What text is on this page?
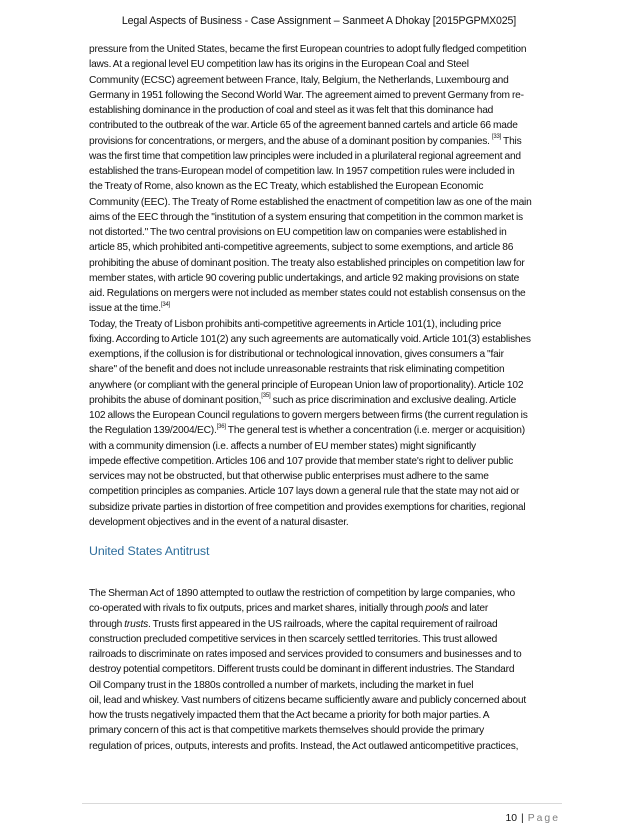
Legal Aspects of Business - Case Assignment – Sanmeet A Dhokay [2015PGPMX025]
pressure from the United States, became the first European countries to adopt fully fledged competition
laws. At a regional level EU competition law has its origins in the European Coal and Steel
Community (ECSC) agreement between France, Italy, Belgium, the Netherlands, Luxembourg and
Germany in 1951 following the Second World War. The agreement aimed to prevent Germany from re-
establishing dominance in the production of coal and steel as it was felt that this dominance had
contributed to the outbreak of the war. Article 65 of the agreement banned cartels and article 66 made
provisions for concentrations, or mergers, and the abuse of a dominant position by companies. [33] This
was the first time that competition law principles were included in a plurilateral regional agreement and
established the trans-European model of competition law. In 1957 competition rules were included in
the Treaty of Rome, also known as the EC Treaty, which established the European Economic
Community (EEC). The Treaty of Rome established the enactment of competition law as one of the main
aims of the EEC through the "institution of a system ensuring that competition in the common market is
not distorted." The two central provisions on EU competition law on companies were established in
article 85, which prohibited anti-competitive agreements, subject to some exemptions, and article 86
prohibiting the abuse of dominant position. The treaty also established principles on competition law for
member states, with article 90 covering public undertakings, and article 92 making provisions on state
aid. Regulations on mergers were not included as member states could not establish consensus on the
issue at the time.[34]
Today, the Treaty of Lisbon prohibits anti-competitive agreements in Article 101(1), including price
fixing. According to Article 101(2) any such agreements are automatically void. Article 101(3) establishes
exemptions, if the collusion is for distributional or technological innovation, gives consumers a "fair
share" of the benefit and does not include unreasonable restraints that risk eliminating competition
anywhere (or compliant with the general principle of European Union law of proportionality). Article 102
prohibits the abuse of dominant position,[35] such as price discrimination and exclusive dealing. Article
102 allows the European Council regulations to govern mergers between firms (the current regulation is
the Regulation 139/2004/EC).[36] The general test is whether a concentration (i.e. merger or acquisition)
with a community dimension (i.e. affects a number of EU member states) might significantly
impede effective competition. Articles 106 and 107 provide that member state's right to deliver public
services may not be obstructed, but that otherwise public enterprises must adhere to the same
competition principles as companies. Article 107 lays down a general rule that the state may not aid or
subsidize private parties in distortion of free competition and provides exemptions for charities, regional
development objectives and in the event of a natural disaster.
United States Antitrust
The Sherman Act of 1890 attempted to outlaw the restriction of competition by large companies, who
co-operated with rivals to fix outputs, prices and market shares, initially through pools and later
through trusts. Trusts first appeared in the US railroads, where the capital requirement of railroad
construction precluded competitive services in then scarcely settled territories. This trust allowed
railroads to discriminate on rates imposed and services provided to consumers and businesses and to
destroy potential competitors. Different trusts could be dominant in different industries. The Standard
Oil Company trust in the 1880s controlled a number of markets, including the market in fuel
oil, lead and whiskey. Vast numbers of citizens became sufficiently aware and publicly concerned about
how the trusts negatively impacted them that the Act became a priority for both major parties. A
primary concern of this act is that competitive markets themselves should provide the primary
regulation of prices, outputs, interests and profits. Instead, the Act outlawed anticompetitive practices,
10 | Page
